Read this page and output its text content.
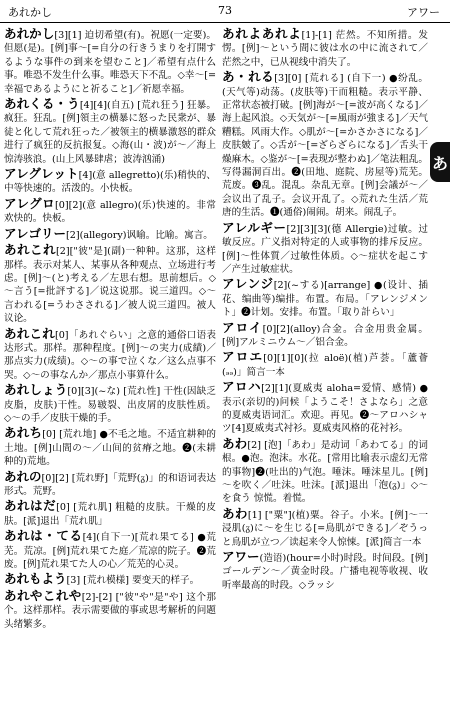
あれかし	73	アワー

あれかし[3][1] 迫切希望(有)。祝愿(一定要)。但愿(是)。[例]事～[=自分の行きうまりを打開するような事件の到来を望むこと]／希望有点什么事。唯恐不发生什么事。唯恐天下不乱。◇幸～[=幸福であるようにと祈ること]／祈愿幸福。

あれくる・う[4][4](自五) [荒れ狂う] 狂暴。疯狂。狂乱。[例]領主の横暴に怒った民衆が、暴徒と化して荒れ狂った／被领主的横暴激怒的群众进行了疯狂的反抗报复。◇海(山・波)が～／海上惊涛骇浪。(山上风暴肆虐；波涛汹涌)

アレグレット[4](意 allegretto)(乐)稍快的、中等快速的。活泼的。小快板。

アレグロ[0][2](意 allegro)(乐)快速的。非常欢快的。快板。

アレゴリー[2](allegory)讽喻。比喻。寓言。

あれこれ[2]["彼"是](副)一种种。这那，这样那样。表示对某人、某事从各种观点、立场进行考虑。[例]～(と)考える／左思右想。思前想后。◇～言う[=批評する]／说这说那。说三道四。◇～言われる[=うわさされる]／被人说三道四。被人议论。

あれこれ[0]「あれぐらい」之意的通俗口语表达形式。那样。那种程度。[例]～の実力(成績)／那点实力(成绩)。◇～の事で泣くな／这么点事不哭。◇～の事なんか／那点小事算什么。

あれしょう[0][3](~な) [荒れ性] 干性(因缺乏皮脂，皮肤)干性。易皲裂、出皮屑的皮肤性质。◇～の手／皮肤干燥的手。

あれち[0] [荒れ地] ●不毛之地。不适宜耕种的土地。[例]山間の～／山间的贫瘠之地。❷(未耕种的)荒地。

あれの[0][2] [荒れ野]「荒野(ᵹ)」的和语词表达形式。荒野。

あれはだ[0] [荒れ肌] 粗糙的皮肤。干燥的皮肤。[派]退出「荒れ肌」

あれは・てる[4](自下一)[荒れ果てる] ●荒芜。荒凉。[例]荒れ果てた庭／荒凉的院子。❷荒废。[例]荒れ果てた人の心／荒芜的心灵。

あれもよう[3] [荒れ模様] 要变天的样子。

あれやこれや[2]-[2] ["彼"や"是"や] 这个那个。这样那样。表示需要做的事或思考解析的问题头绪繁多。

あれよあれよ[1]-[1] 茫然。不知所措。发愣。[例]～という間に彼は水の中に流されて／茫然之中，已从视线中消失了。

あ・れる[3][0] [荒れる] (自下一) ●纷乱。(天气等)动荡。(皮肤等)干而粗糙。表示平静、正常状态被打破。[例]海が～[=波が高くなる]／海上起风浪。◇天気が～[=風雨が強まる]／天气糟糕。风雨大作。◇肌が～[=かさかさになる]／皮肤皴了。◇舌が～[=ざらざらになる]／舌头干燥麻木。◇鉴が～[=表现が整わぬ]／笔法粗乱。写得漏洞百出。❷(田地、庭院、房屋等)荒芜。荒废。❸乱。混乱。杂乱无章。[例]会議が～／会议出了乱子。会议开乱了。◇荒れた生活／荒唐的生活。❶(通俗)闹闹。胡来。闹乱子。

アレルギー[2][3][3](德 Allergie)过敏。过敏反应。广义指对特定的人或事物的排斥反应。[例]～性体質／过敏性体质。◇～症状を起こす／产生过敏症状。

アレンジ[2](~する)[arrange] ●(设计、插花、编曲等)编排。布置。布局。「アレンジメント」❷计划。安排。布置。「取り計らい」

アロイ[0][2](alloy)合金。合金用贵金属。[例]アルミニウム～／铝合金。

アロエ[0][1][0](拉 aloë)(植)芦荟。「蘆薈(ₔₔ)」简言一本

アロハ[2][1](夏威夷 aloha=爱情、感情) ●表示(亲切的)问候「ようこそ！さよなら」之意的夏威夷语词汇。欢迎。再见。❷～アロハシャツ[4]夏威夷式衬衫。夏威夷风格的花衬衫。

あわ[2] [泡]「あわ」是动词「あわてる」的词根。●泡。泡沫。水花。[常用比喻表示虚幻无常的事物]❷(吐出的)气泡。唾沫。唾沫星儿。[例]～を吹く／吐沫。吐沫。[派]退出「泡(ᵹ)」◇～を食う 惊慌。着慌。

あわ[1] ["粟"](植)粟。谷子。小米。[例]～一浸肌(ᵹ)に～を生じる[=鳥肌ができる]／ぞうっと鳥肌が立つ／读起来令人惊悚。[派]简言一本

アワー(造语)(hour=小时)时段。时间段。[例]ゴールデン～／黄金时段。广播电视等收视、收听率最高的时段。◇ラッシ

あ
